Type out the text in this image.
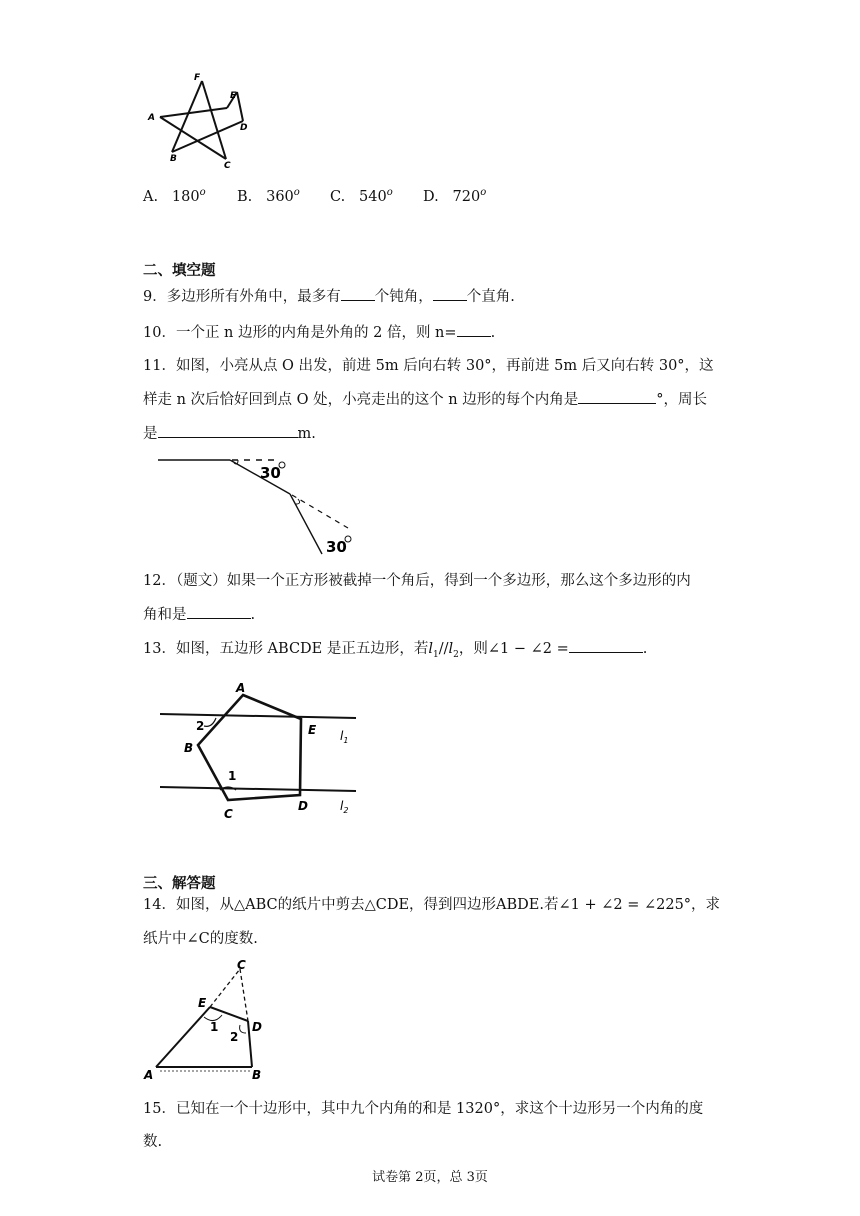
F
E
A
D
B
C
A. 180$^o$ B. 360$^o$ C. 540$^o$ D. 720$^o$
二、填空题
9．多边形所有外角中，最多有 个钝角， 个直角.
10．一个正 n 边形的内角是外角的 2 倍，则 n= .
11．如图，小亮从点 O 出发，前进 5m 后向右转 30°，再前进 5m 后又向右转 30°，这
样走 n 次后恰好回到点 O 处，小亮走出的这个 n 边形的每个内角是	°，周长
是	m.
30
30
12．（题文）如果一个正方形被截掉一个角后，得到一个多边形，那么这个多边形的内
角和是	.
13．如图，五边形 ABCDE 是正五边形，若$l_1//l_2$，则∠1 − ∠2 =	.
A
B
C
D
E
1
2
$l_1$
$l_2$
三、解答题
14．如图，从△ABC的纸片中剪去△CDE，得到四边形ABDE.若∠1 + ∠2 = ∠225°，求
纸片中∠C的度数.
C
E
D
1
2
A	B
15．已知在一个十边形中，其中九个内角的和是 1320°，求这个十边形另一个内角的度
数.
试卷第 2页，总 3页
